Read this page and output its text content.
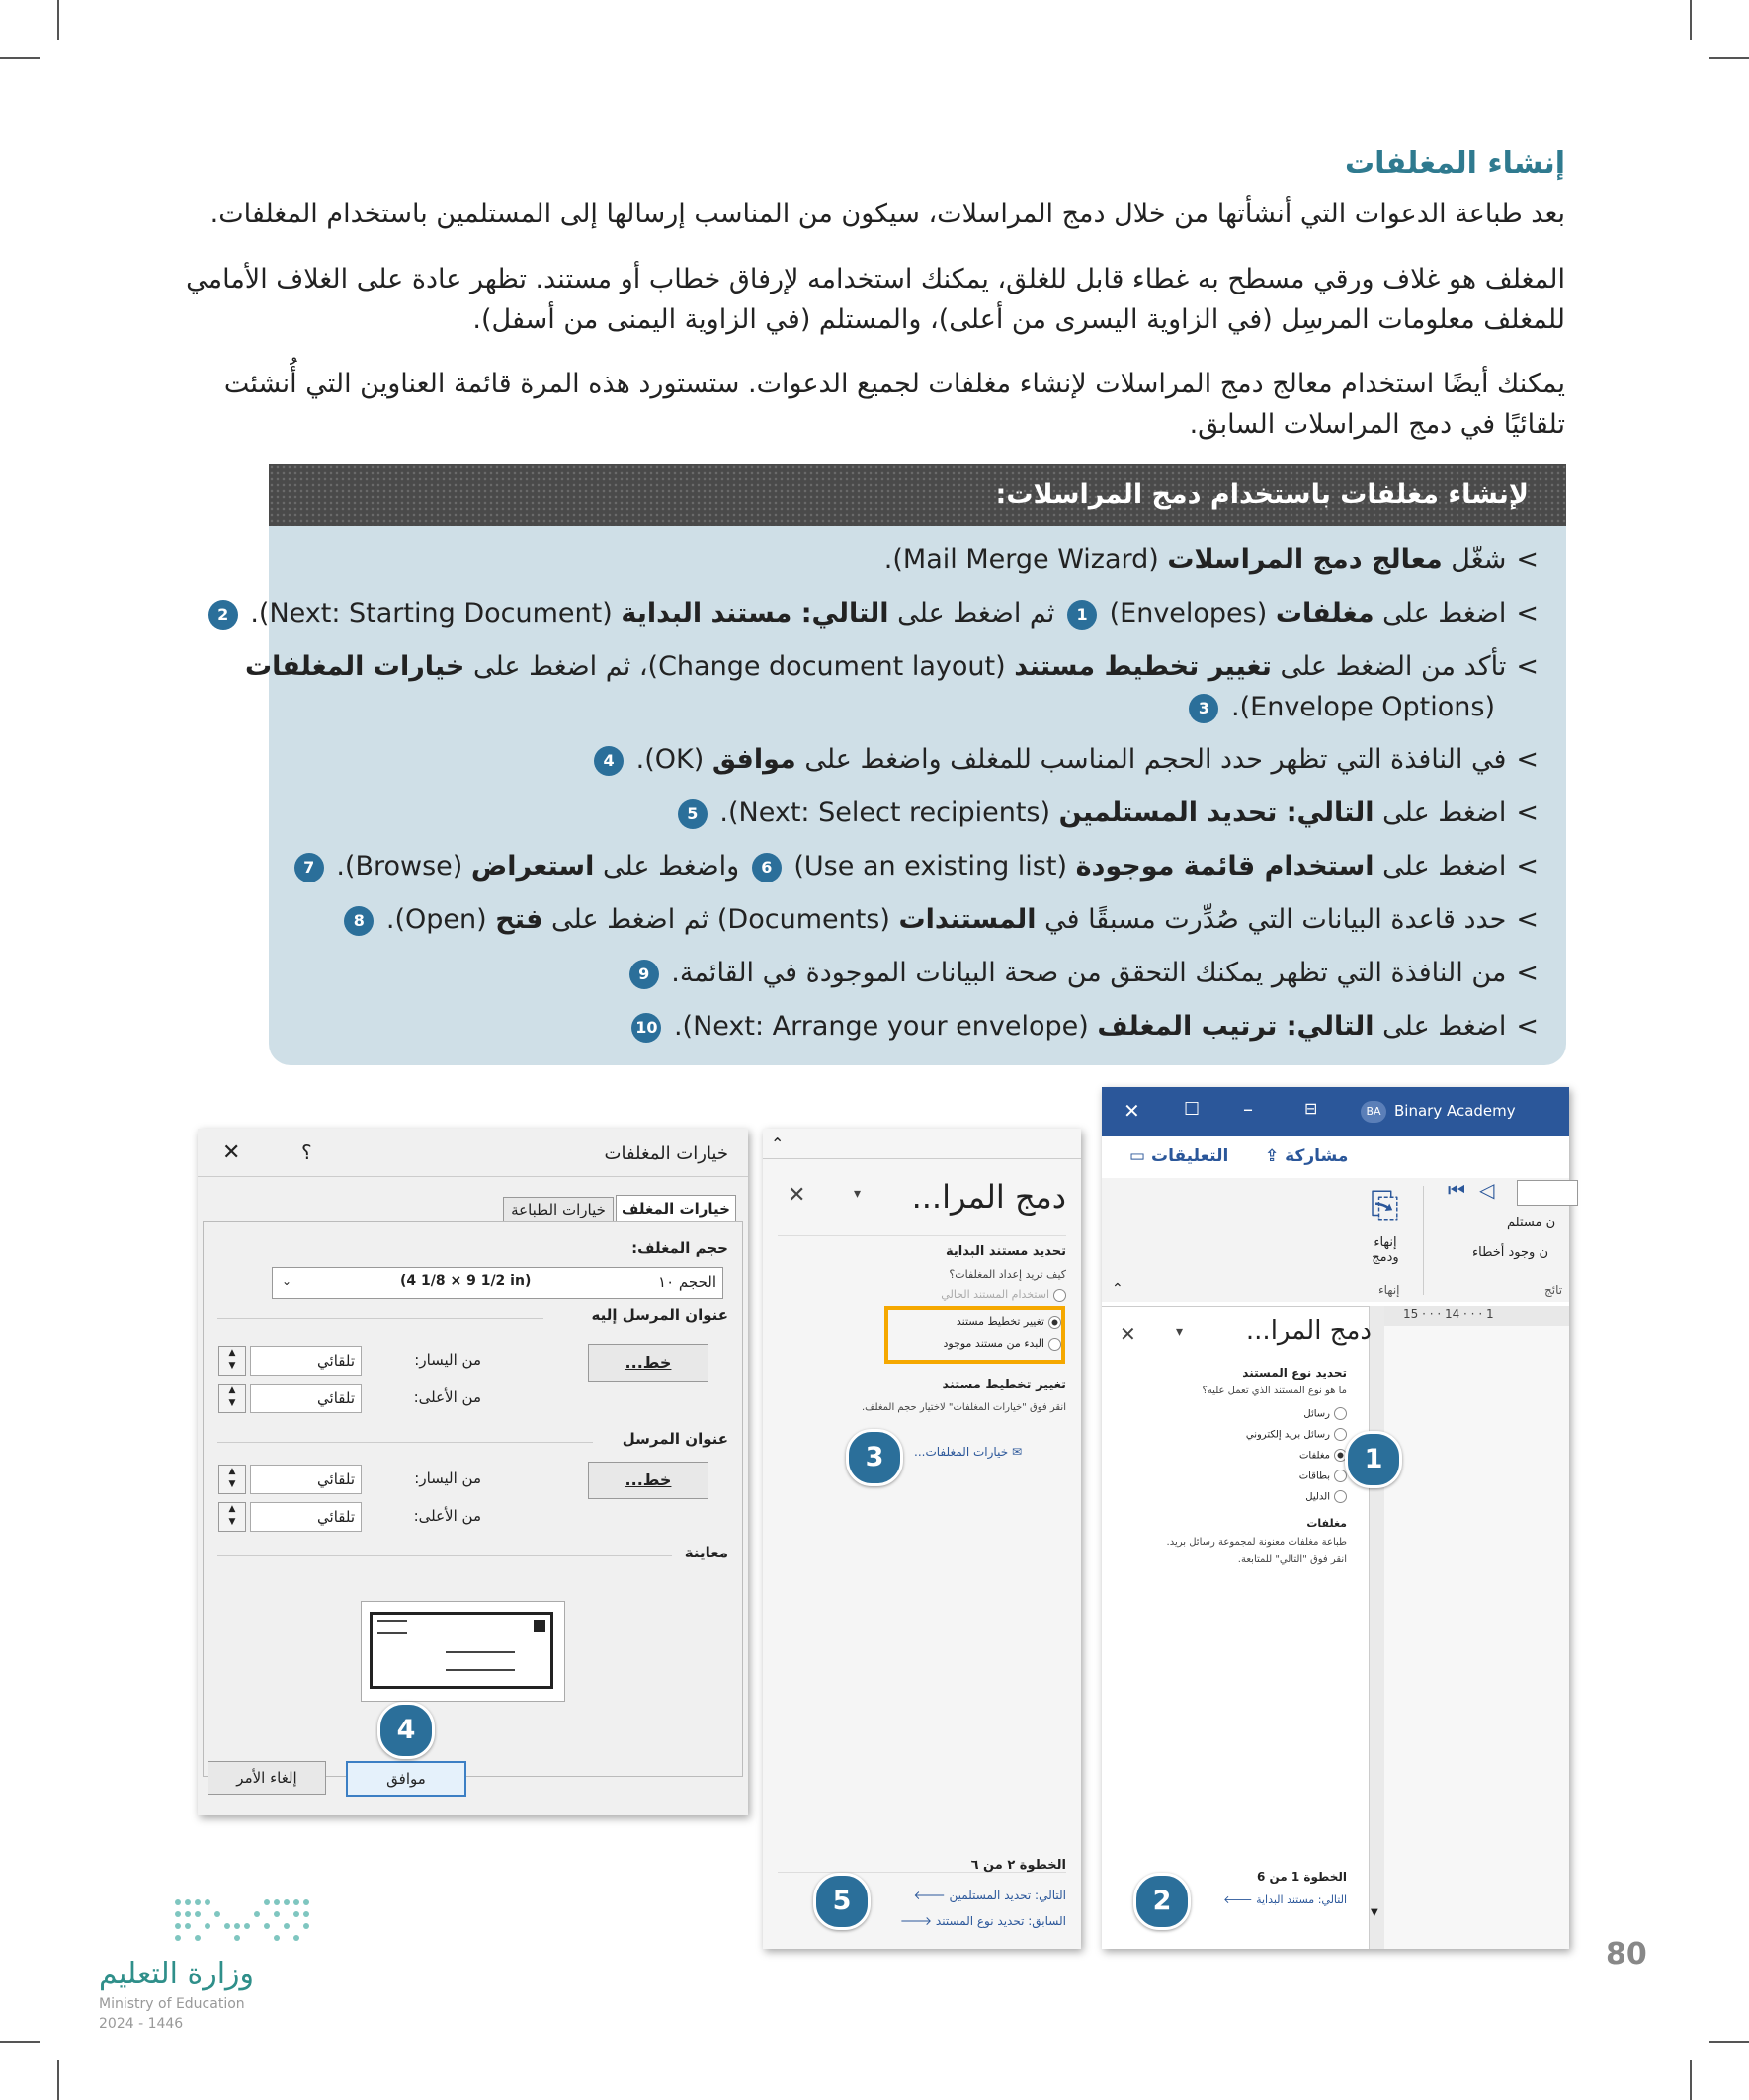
إنشاء المغلفات
بعد طباعة الدعوات التي أنشأتها من خلال دمج المراسلات، سيكون من المناسب إرسالها إلى المستلمين باستخدام المغلفات.
المغلف هو غلاف ورقي مسطح به غطاء قابل للغلق، يمكنك استخدامه لإرفاق خطاب أو مستند. تظهر عادة على الغلاف الأمامي للمغلف معلومات المرسِل (في الزاوية اليسرى من أعلى)، والمستلم (في الزاوية اليمنى من أسفل).
يمكنك أيضًا استخدام معالج دمج المراسلات لإنشاء مغلفات لجميع الدعوات. ستستورد هذه المرة قائمة العناوين التي أُنشئت تلقائيًا في دمج المراسلات السابق.
لإنشاء مغلفات باستخدام دمج المراسلات:
>شغّل معالج دمج المراسلات (Mail Merge Wizard).
>اضغط على مغلفات (Envelopes) 1 ثم اضغط على التالي: مستند البداية (Next: Starting Document). 2
>تأكد من الضغط على تغيير تخطيط مستند (Change document layout)، ثم اضغط على خيارات المغلفات
(Envelope Options). 3
>في النافذة التي تظهر حدد الحجم المناسب للمغلف واضغط على موافق (OK). 4
>اضغط على التالي: تحديد المستلمين (Next: Select recipients). 5
>اضغط على استخدام قائمة موجودة (Use an existing list) 6 واضغط على استعراض (Browse). 7
>حدد قاعدة البيانات التي صُدِّرت مسبقًا في المستندات (Documents) ثم اضغط على فتح (Open). 8
>من النافذة التي تظهر يمكنك التحقق من صحة البيانات الموجودة في القائمة. 9
>اضغط على التالي: ترتيب المغلف (Next: Arrange your envelope). 10
✕ ☐ –	⊟	BA Binary Academy
مشاركة ⇪
التعليقات ▭
⎘
إنهاء ودمج
إنهاء
⏮ ◁
ن مستلم
ن وجود أخطاء
تائج
⌃
15 · · · 14 · · · 1
✕	▾ دمج المرا...
تحديد نوع المستند
ما هو نوع المستند الذي تعمل عليه؟
رسائل
رسائل بريد إلكتروني
مغلفات
بطاقات
الدليل
مغلفات
طباعة مغلفات معنونة لمجموعة رسائل بريد.
انقر فوق "التالي" للمتابعة.
الخطوة 1 من 6
التالي: مستند البداية 🡐
▼
⌃
✕	▾ دمج المرا...
تحديد مستند البداية
كيف تريد إعداد المغلفات؟
استخدام المستند الحالي
تغيير تخطيط مستند
البدء من مستند موجود
تغيير تخطيط مستند
انقر فوق "خيارات المغلفات" لاختيار حجم المغلف.
✉ خيارات المغلفات...
الخطوة ٢ من ٦
التالي: تحديد المستلمين 🡐
السابق: تحديد نوع المستند 🡒
✕	؟	خيارات المغلفات
خيارات المغلف
خيارات الطباعة
حجم المغلف:
الحجم ١٠
(4 1/8 × 9 1/2 in)
⌄
عنوان المرسل إليه
خط...
من اليسار:
تلقائي
▲
▼
من الأعلى:
تلقائي
▲
▼
عنوان المرسل
خط...
من اليسار:
تلقائي
▲
▼
من الأعلى:
تلقائي
▲
▼
معاينة
موافق
إلغاء الأمر
1
2
3
4
5
وزارة التعليم
Ministry of Education
2024 - 1446
80
